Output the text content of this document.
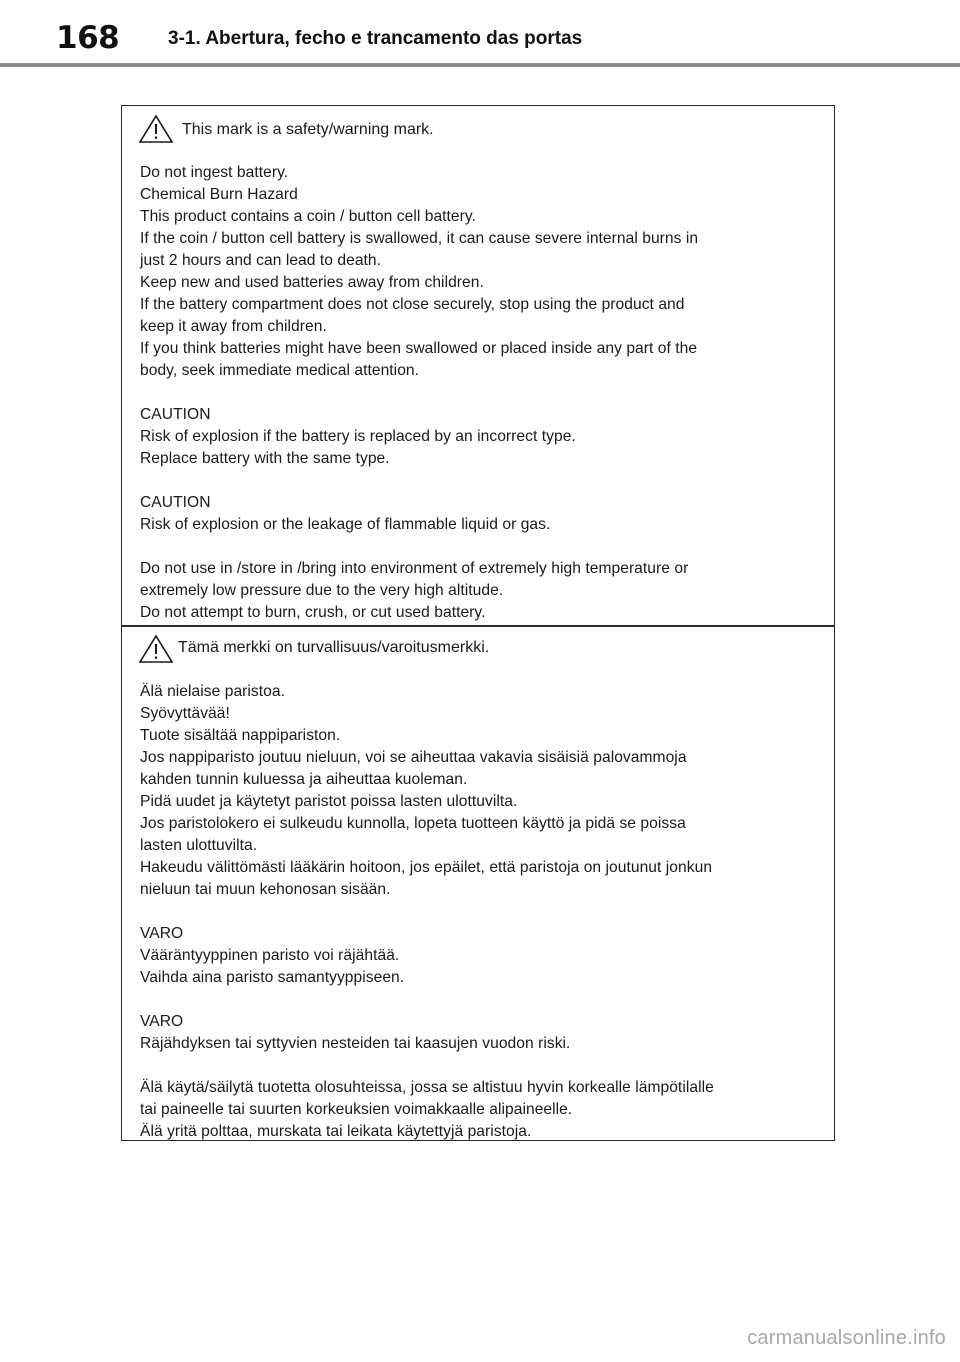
168	3-1. Abertura, fecho e trancamento das portas
This mark is a safety/warning mark.
Do not ingest battery.
Chemical Burn Hazard
This product contains a coin / button cell battery.
If the coin / button cell battery is swallowed, it can cause severe internal burns in
just 2 hours and can lead to death.
Keep new and used batteries away from children.
If the battery compartment does not close securely, stop using the product and
keep it away from children.
If you think batteries might have been swallowed or placed inside any part of the
body, seek immediate medical attention.
CAUTION
Risk of explosion if the battery is replaced by an incorrect type.
Replace battery with the same type.
CAUTION
Risk of explosion or the leakage of flammable liquid or gas.
Do not use in /store in /bring into environment of extremely high temperature or
extremely low pressure due to the very high altitude.
Do not attempt to burn, crush, or cut used battery.
Tämä merkki on turvallisuus/varoitusmerkki.
Älä nielaise paristoa.
Syövyttävää!
Tuote sisältää nappipariston.
Jos nappiparisto joutuu nieluun, voi se aiheuttaa vakavia sisäisiä palovammoja
kahden tunnin kuluessa ja aiheuttaa kuoleman.
Pidä uudet ja käytetyt paristot poissa lasten ulottuvilta.
Jos paristolokero ei sulkeudu kunnolla, lopeta tuotteen käyttö ja pidä se poissa
lasten ulottuvilta.
Hakeudu välittömästi lääkärin hoitoon, jos epäilet, että paristoja on joutunut jonkun
nieluun tai muun kehonosan sisään.
VARO
Vääräntyyppinen paristo voi räjähtää.
Vaihda aina paristo samantyyppiseen.
VARO
Räjähdyksen tai syttyvien nesteiden tai kaasujen vuodon riski.
Älä käytä/säilytä tuotetta olosuhteissa, jossa se altistuu hyvin korkealle lämpötilalle
tai paineelle tai suurten korkeuksien voimakkaalle alipaineelle.
Älä yritä polttaa, murskata tai leikata käytettyjä paristoja.
carmanualsonline.info
